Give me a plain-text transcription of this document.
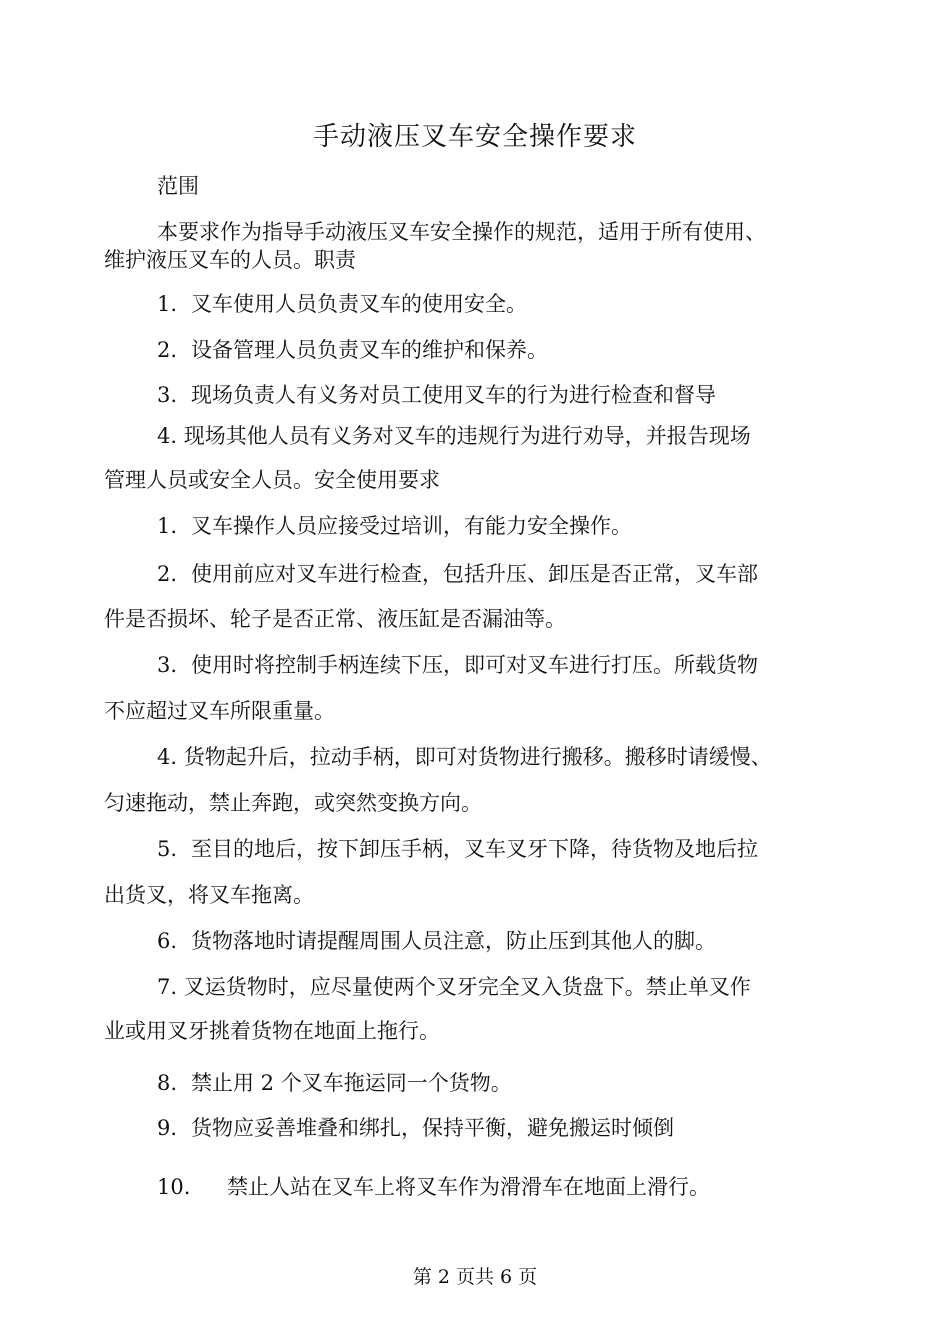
手动液压叉车安全操作要求
范围
本要求作为指导手动液压叉车安全操作的规范，适用于所有使用、
维护液压叉车的人员。职责
1. 叉车使用人员负责叉车的使用安全。
2. 设备管理人员负责叉车的维护和保养。
3. 现场负责人有义务对员工使用叉车的行为进行检查和督导
4. 现场其他人员有义务对叉车的违规行为进行劝导，并报告现场
管理人员或安全人员。安全使用要求
1. 叉车操作人员应接受过培训，有能力安全操作。
2. 使用前应对叉车进行检查，包括升压、卸压是否正常，叉车部
件是否损坏、轮子是否正常、液压缸是否漏油等。
3. 使用时将控制手柄连续下压，即可对叉车进行打压。所载货物
不应超过叉车所限重量。
4. 货物起升后，拉动手柄，即可对货物进行搬移。搬移时请缓慢、
匀速拖动，禁止奔跑，或突然变换方向。
5. 至目的地后，按下卸压手柄，叉车叉牙下降，待货物及地后拉
出货叉，将叉车拖离。
6. 货物落地时请提醒周围人员注意，防止压到其他人的脚。
7. 叉运货物时，应尽量使两个叉牙完全叉入货盘下。禁止单叉作
业或用叉牙挑着货物在地面上拖行。
8. 禁止用 2 个叉车拖运同一个货物。
9. 货物应妥善堆叠和绑扎，保持平衡，避免搬运时倾倒
10. 禁止人站在叉车上将叉车作为滑滑车在地面上滑行。
第 2 页共 6 页
